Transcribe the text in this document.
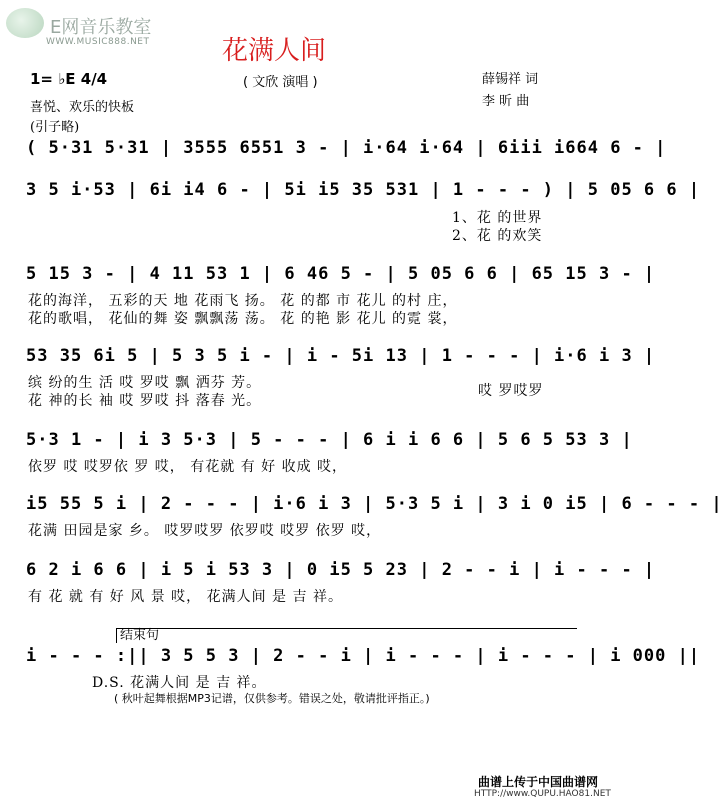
E网音乐教室
WWW.MUSIC888.NET	花满人间
( 文欣 演唱 )
1= ♭E 4/4
喜悦、欢乐的快板
(引子略)
薛锡祥 词
李 昕 曲
( 5·31 5·31 | 3555 6551 3 - | i·64 i·64 | 6iii i664 6 - |
3 5 i·53 | 6i i4 6 - | 5i i5 35 531 | 1 - - - ) | 5 05 6 6 |
1、花 的世界
2、花 的欢笑
5 15 3 - | 4 11 53 1 | 6 46 5 - | 5 05 6 6 | 65 15 3 - |
花的海洋， 五彩的天 地 花雨飞 扬。 花 的都 市 花儿 的村 庄，
花的歌唱， 花仙的舞 姿 飘飘荡 荡。 花 的艳 影 花儿 的霓 裳，
53 35 6i 5 | 5 3 5 i - | i - 5i 13 | 1 - - - | i·6 i 3 |
缤 纷的生 活 哎 罗哎 飘 洒芬 芳。
花 神的长 袖 哎 罗哎 抖 落春 光。
哎 罗哎罗
5·3 1 - | i 3 5·3 | 5 - - - | 6 i i 6 6 | 5 6 5 53 3 |
依罗 哎 哎罗依 罗 哎， 有花就 有 好 收成 哎，
i5 55 5 i | 2 - - - | i·6 i 3 | 5·3 5 i | 3 i 0 i5 | 6 - - - |
花满 田园是家 乡。 哎罗哎罗 依罗哎 哎罗 依罗 哎，
6 2 i 6 6 | i 5 i 53 3 | 0 i5 5 23 | 2 - - i | i - - - |
有 花 就 有 好 风 景 哎， 花满人间 是 吉 祥。
结束句
i - - - :|| 3 5 5 3 | 2 - - i | i - - - | i - - - | i 000 ||
D.S. 花满人间 是 吉 祥。
( 秋叶起舞根据MP3记谱，仅供参考。错误之处，敬请批评指正。)
曲谱上传于中国曲谱网
HTTP://www.QUPU.HAO81.NET
